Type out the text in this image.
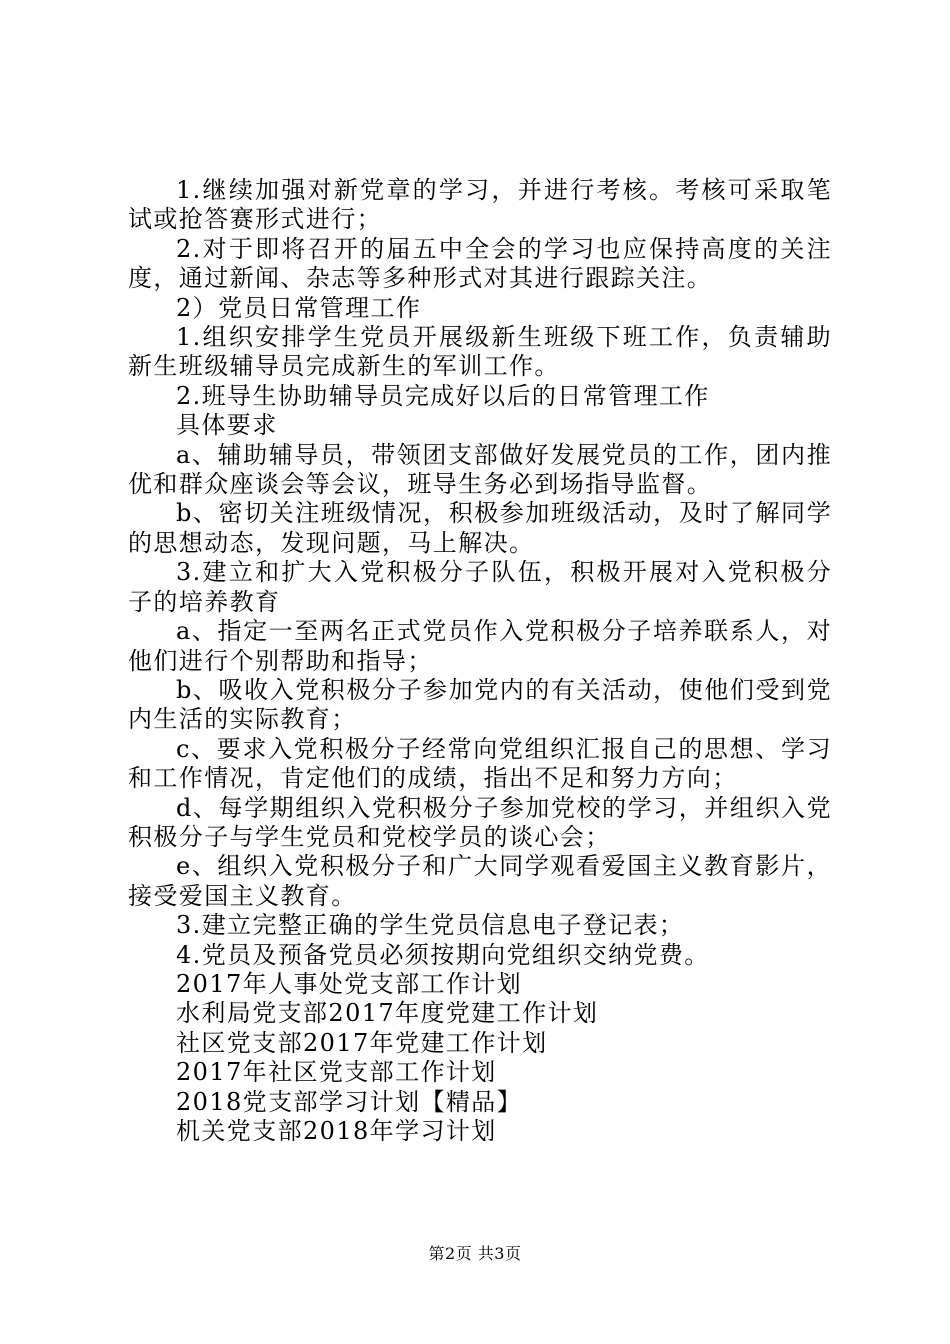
1.继续加强对新党章的学习，并进行考核。考核可采取笔试或抢答赛形式进行；

2.对于即将召开的届五中全会的学习也应保持高度的关注度，通过新闻、杂志等多种形式对其进行跟踪关注。

2）党员日常管理工作

1.组织安排学生党员开展级新生班级下班工作，负责辅助新生班级辅导员完成新生的军训工作。

2.班导生协助辅导员完成好以后的日常管理工作

具体要求

a、辅助辅导员，带领团支部做好发展党员的工作，团内推优和群众座谈会等会议，班导生务必到场指导监督。

b、密切关注班级情况，积极参加班级活动，及时了解同学的思想动态，发现问题，马上解决。

3.建立和扩大入党积极分子队伍，积极开展对入党积极分子的培养教育

a、指定一至两名正式党员作入党积极分子培养联系人，对他们进行个别帮助和指导；

b、吸收入党积极分子参加党内的有关活动，使他们受到党内生活的实际教育；

c、要求入党积极分子经常向党组织汇报自己的思想、学习和工作情况，肯定他们的成绩，指出不足和努力方向；

d、每学期组织入党积极分子参加党校的学习，并组织入党积极分子与学生党员和党校学员的谈心会；

e、组织入党积极分子和广大同学观看爱国主义教育影片，接受爱国主义教育。

3.建立完整正确的学生党员信息电子登记表；

4.党员及预备党员必须按期向党组织交纳党费。

2017年人事处党支部工作计划

水利局党支部2017年度党建工作计划

社区党支部2017年党建工作计划

2017年社区党支部工作计划

2018党支部学习计划【精品】

机关党支部2018年学习计划

第2页 共3页
